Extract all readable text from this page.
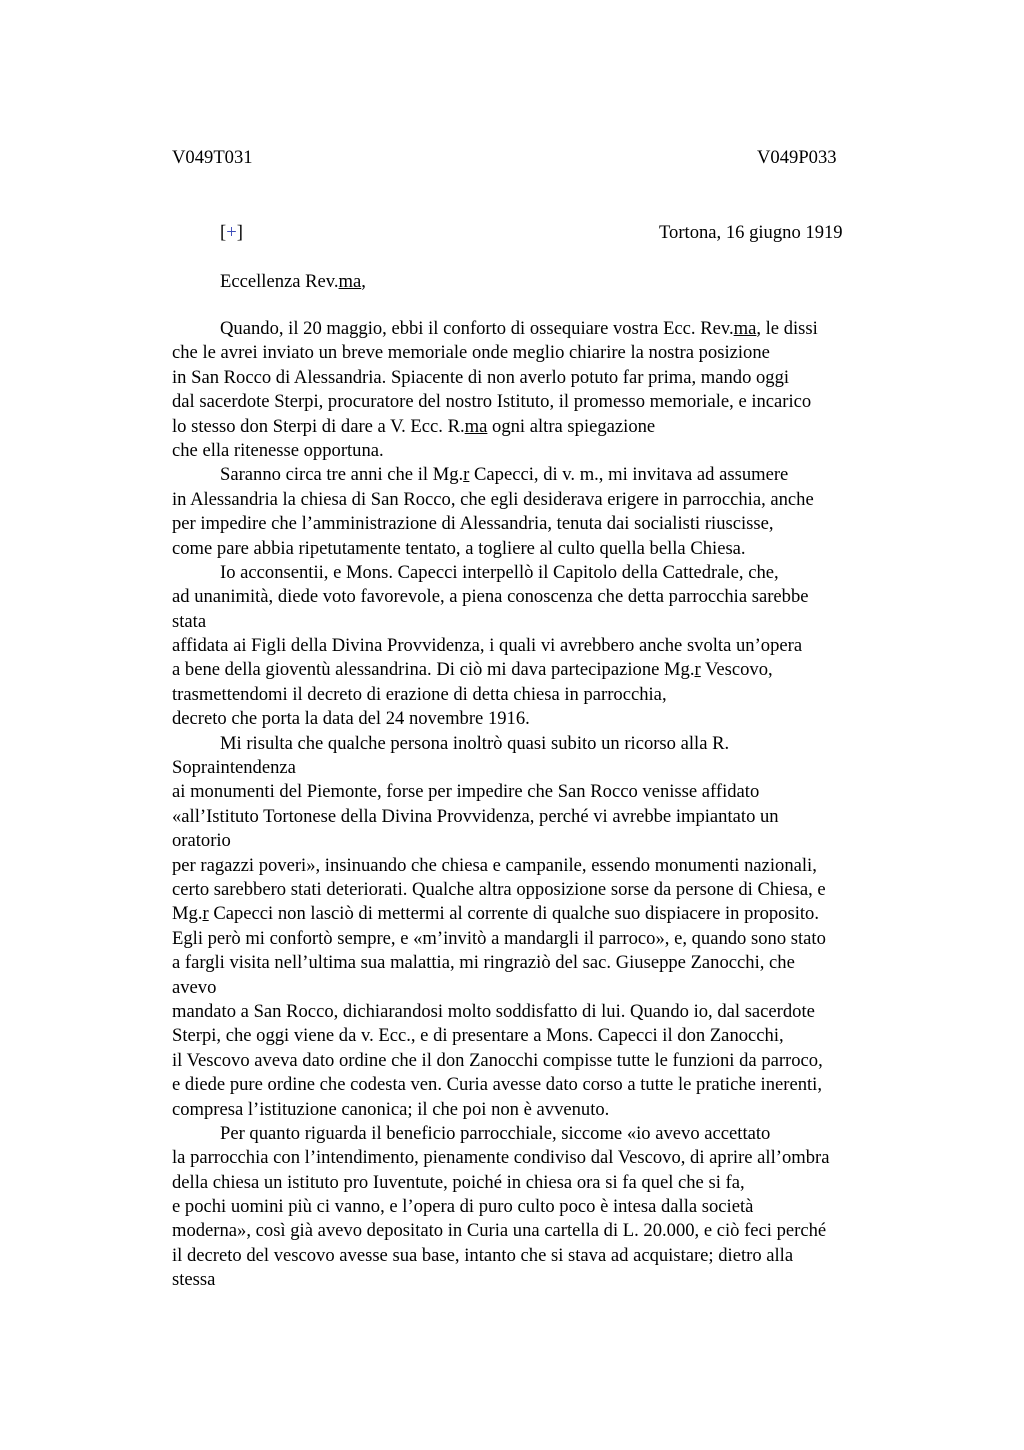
V049T031	V049P033
[+]	Tortona, 16 giugno 1919
Eccellenza Rev.ma,
Quando, il 20 maggio, ebbi il conforto di ossequiare vostra Ecc. Rev.ma, le dissi
che le avrei inviato un breve memoriale onde meglio chiarire la nostra posizione
in San Rocco di Alessandria. Spiacente di non averlo potuto far prima, mando oggi
dal sacerdote Sterpi, procuratore del nostro Istituto, il promesso memoriale, e incarico
lo stesso don Sterpi di dare a V. Ecc. R.ma ogni altra spiegazione
che ella ritenesse opportuna.
Saranno circa tre anni che il Mg.r Capecci, di v. m., mi invitava ad assumere
in Alessandria la chiesa di San Rocco, che egli desiderava erigere in parrocchia, anche
per impedire che l’amministrazione di Alessandria, tenuta dai socialisti riuscisse,
come pare abbia ripetutamente tentato, a togliere al culto quella bella Chiesa.
Io acconsentii, e Mons. Capecci interpellò il Capitolo della Cattedrale, che,
ad unanimità, diede voto favorevole, a piena conoscenza che detta parrocchia sarebbe
stata
affidata ai Figli della Divina Provvidenza, i quali vi avrebbero anche svolta un’opera
a bene della gioventù alessandrina. Di ciò mi dava partecipazione Mg.r Vescovo,
trasmettendomi il decreto di erazione di detta chiesa in parrocchia,
decreto che porta la data del 24 novembre 1916.
Mi risulta che qualche persona inoltrò quasi subito un ricorso alla R.
Sopraintendenza
ai monumenti del Piemonte, forse per impedire che San Rocco venisse affidato
«all’Istituto Tortonese della Divina Provvidenza, perché vi avrebbe impiantato un
oratorio
per ragazzi poveri», insinuando che chiesa e campanile, essendo monumenti nazionali,
certo sarebbero stati deteriorati. Qualche altra opposizione sorse da persone di Chiesa, e
Mg.r Capecci non lasciò di mettermi al corrente di qualche suo dispiacere in proposito.
Egli però mi confortò sempre, e «m’invitò a mandargli il parroco», e, quando sono stato
a fargli visita nell’ultima sua malattia, mi ringraziò del sac. Giuseppe Zanocchi, che
avevo
mandato a San Rocco, dichiarandosi molto soddisfatto di lui. Quando io, dal sacerdote
Sterpi, che oggi viene da v. Ecc., e di presentare a Mons. Capecci il don Zanocchi,
il Vescovo aveva dato ordine che il don Zanocchi compisse tutte le funzioni da parroco,
e diede pure ordine che codesta ven. Curia avesse dato corso a tutte le pratiche inerenti,
compresa l’istituzione canonica; il che poi non è avvenuto.
Per quanto riguarda il beneficio parrocchiale, siccome «io avevo accettato
la parrocchia con l’intendimento, pienamente condiviso dal Vescovo, di aprire all’ombra
della chiesa un istituto pro Iuventute, poiché in chiesa ora si fa quel che si fa,
e pochi uomini più ci vanno, e l’opera di puro culto poco è intesa dalla società
moderna», così già avevo depositato in Curia una cartella di L. 20.000, e ciò feci perché
il decreto del vescovo avesse sua base, intanto che si stava ad acquistare; dietro alla
stessa
